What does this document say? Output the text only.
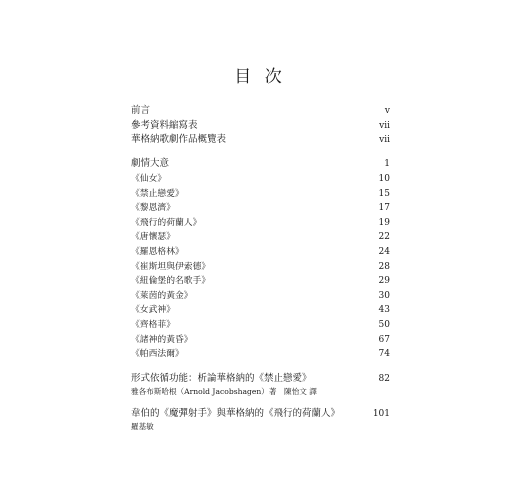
目 次
前言	v
參考資料縮寫表	vii
華格納歌劇作品概覽表	vii
劇情大意	1
《仙女》	10
《禁止戀愛》	15
《黎恩濟》	17
《飛行的荷蘭人》	19
《唐懷瑟》	22
《羅恩格林》	24
《崔斯坦與伊索德》	28
《紐倫堡的名歌手》	29
《萊茵的黃金》	30
《女武神》	43
《齊格菲》	50
《諸神的黃昏》	67
《帕西法爾》	74
形式依循功能：析論華格納的《禁止戀愛》	82
雅各布斯哈根（Arnold Jacobshagen）著　陳怡文 譯
韋伯的《魔彈射手》與華格納的《飛行的荷蘭人》	101
羅基敏
